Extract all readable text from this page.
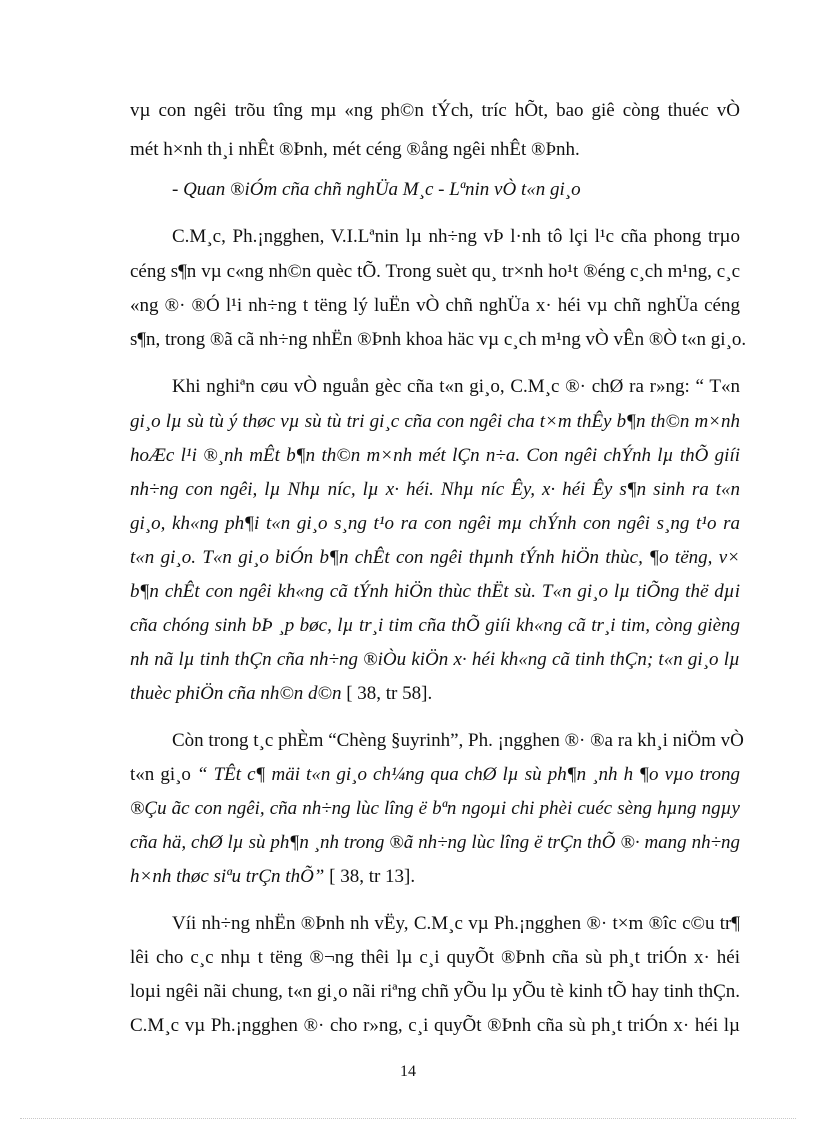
vµ con ngêi trõu tîng mµ «ng ph©n tÝch, tríc hÕt, bao giê còng thuéc vÒ
mét h×nh th¸i nhÊt ®Þnh, mét céng ®ång ngêi nhÊt ®Þnh.
- Quan ®iÓm cña chñ nghÜa M¸c - Lªnin vÒ t«n gi¸o
C.M¸c, Ph.¡ngghen, V.I.Lªnin lµ nh÷ng vÞ l·nh tô lçi l¹c cña phong trµo
céng s¶n vµ c«ng nh©n quèc tÕ. Trong suèt qu¸ tr×nh ho¹t ®éng c¸ch m¹ng, c¸c
«ng ®· ®Ó l¹i nh÷ng t tëng lý luËn vÒ chñ nghÜa x· héi vµ chñ nghÜa céng
s¶n, trong ®ã cã nh÷ng nhËn ®Þnh khoa häc vµ c¸ch m¹ng vÒ vÊn ®Ò t«n gi¸o.
Khi nghiªn cøu vÒ nguån gèc cña t«n gi¸o, C.M¸c ®· chØ ra r»ng: “ T«n
gi¸o lµ sù tù ý thøc vµ sù tù tri gi¸c cña con ngêi cha t×m thÊy b¶n th©n m×nh
hoÆc l¹i ®¸nh mÊt b¶n th©n m×nh mét lÇn n÷a. Con ngêi chÝnh lµ thÕ giíi
nh÷ng con ngêi, lµ Nhµ níc, lµ x· héi. Nhµ níc Êy, x· héi Êy s¶n sinh ra t«n
gi¸o, kh«ng ph¶i t«n gi¸o s¸ng t¹o ra con ngêi mµ chÝnh con ngêi s¸ng t¹o ra
t«n gi¸o. T«n gi¸o biÓn b¶n chÊt con ngêi thµnh tÝnh hiÖn thùc, ¶o tëng, v×
b¶n chÊt con ngêi kh«ng cã tÝnh hiÖn thùc thËt sù. T«n gi¸o lµ tiÕng thë dµi
cña chóng sinh bÞ ¸p bøc, lµ tr¸i tim cña thÕ giíi kh«ng cã tr¸i tim, còng gièng
nh nã lµ tinh thÇn cña nh÷ng ®iÒu kiÖn x· héi kh«ng cã tinh thÇn; t«n gi¸o lµ
thuèc phiÖn cña nh©n d©n [ 38, tr 58].
Còn trong t¸c phÈm “Chèng §uyrinh”, Ph. ¡ngghen ®· ®a ra kh¸i niÖm vÒ
t«n gi¸o “ TÊt c¶ mäi t«n gi¸o ch¼ng qua chØ lµ sù ph¶n ¸nh h ¶o vµo trong
®Çu ãc con ngêi, cña nh÷ng lùc lîng ë bªn ngoµi chi phèi cuéc sèng hµng ngµy
cña hä, chØ lµ sù ph¶n ¸nh trong ®ã nh÷ng lùc lîng ë trÇn thÕ ®· mang nh÷ng
h×nh thøc siªu trÇn thÕ” [ 38, tr 13].
Víi nh÷ng nhËn ®Þnh nh vËy, C.M¸c vµ Ph.¡ngghen ®· t×m ®îc c©u tr¶
lêi cho c¸c nhµ t tëng ®¬ng thêi lµ c¸i quyÕt ®Þnh cña sù ph¸t triÓn x· héi
loµi ngêi nãi chung, t«n gi¸o nãi riªng chñ yÕu lµ yÕu tè kinh tÕ hay tinh thÇn.
C.M¸c vµ Ph.¡ngghen ®· cho r»ng, c¸i quyÕt ®Þnh cña sù ph¸t triÓn x· héi lµ
14
